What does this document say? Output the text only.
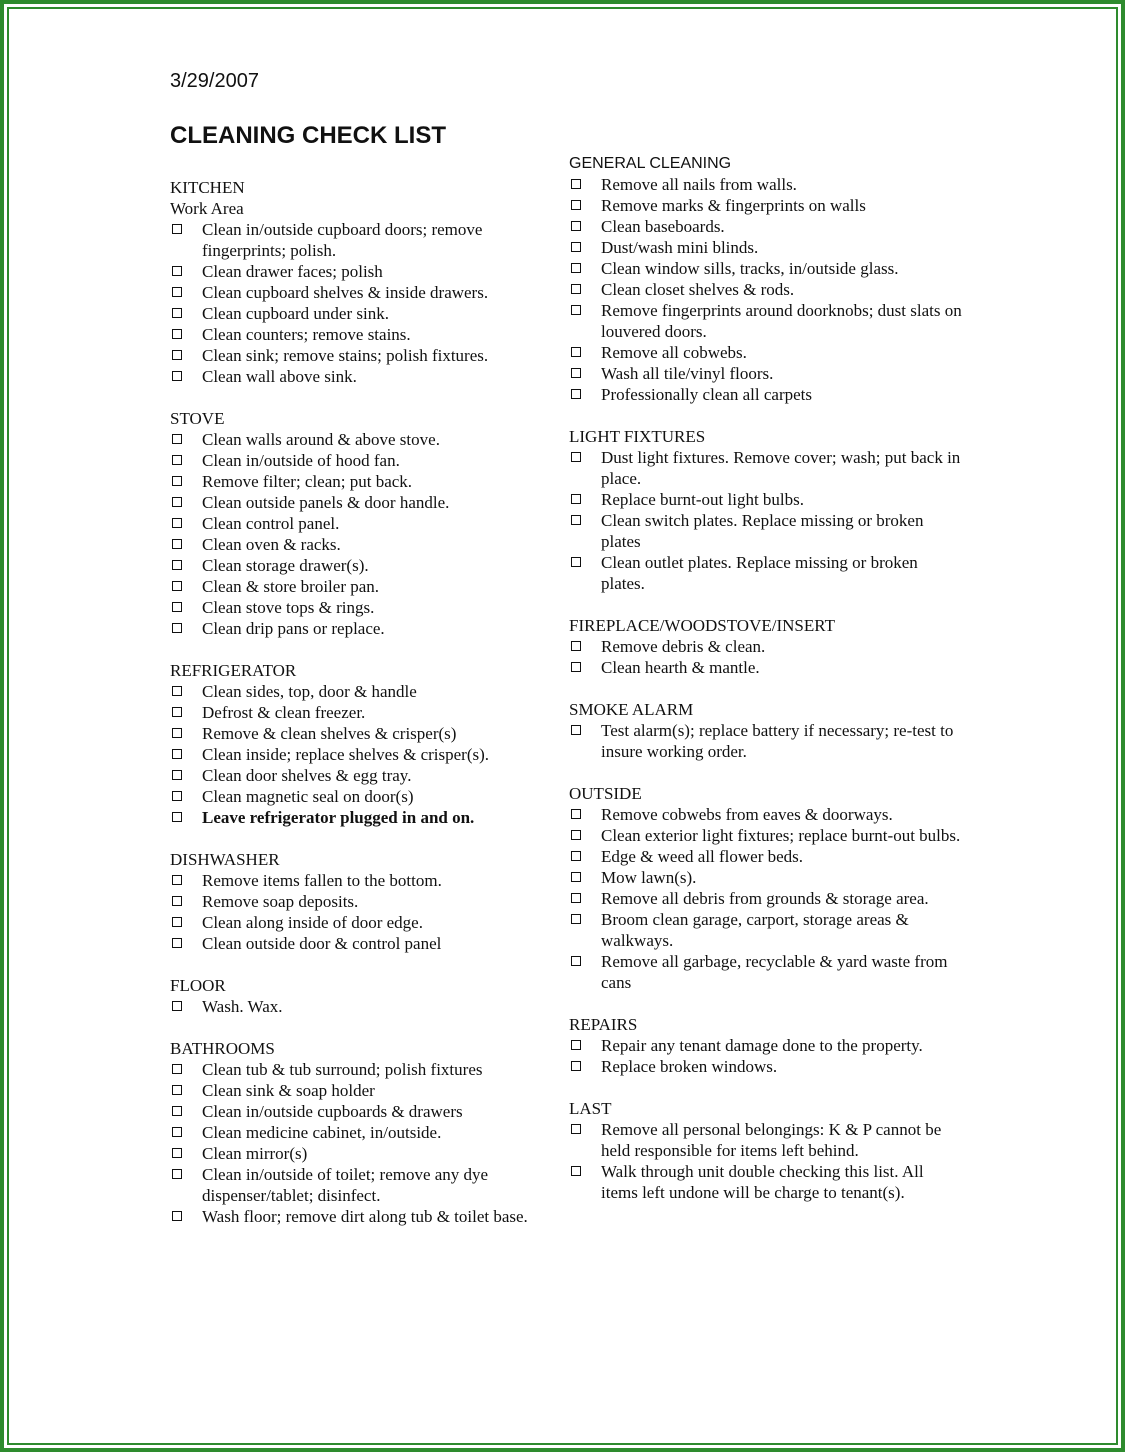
3/29/2007
CLEANING CHECK LIST
KITCHEN
Work Area
Clean in/outside cupboard doors; remove fingerprints; polish.
Clean drawer faces; polish
Clean cupboard shelves & inside drawers.
Clean cupboard under sink.
Clean counters; remove stains.
Clean sink; remove stains; polish fixtures.
Clean wall above sink.
STOVE
Clean walls around & above stove.
Clean in/outside of hood fan.
Remove filter; clean; put back.
Clean outside panels & door handle.
Clean control panel.
Clean oven & racks.
Clean storage drawer(s).
Clean & store broiler pan.
Clean stove tops & rings.
Clean drip pans or replace.
REFRIGERATOR
Clean sides, top, door & handle
Defrost & clean freezer.
Remove & clean shelves & crisper(s)
Clean inside; replace shelves & crisper(s).
Clean door shelves & egg tray.
Clean magnetic seal on door(s)
Leave refrigerator plugged in and on.
DISHWASHER
Remove items fallen to the bottom.
Remove soap deposits.
Clean along inside of door edge.
Clean outside door & control panel
FLOOR
Wash. Wax.
BATHROOMS
Clean tub & tub surround; polish fixtures
Clean sink & soap holder
Clean in/outside cupboards & drawers
Clean medicine cabinet, in/outside.
Clean mirror(s)
Clean in/outside of toilet; remove any dye dispenser/tablet; disinfect.
Wash floor; remove dirt along tub & toilet base.
GENERAL CLEANING
Remove all nails from walls.
Remove marks & fingerprints on walls
Clean baseboards.
Dust/wash mini blinds.
Clean window sills, tracks, in/outside glass.
Clean closet shelves & rods.
Remove fingerprints around doorknobs; dust slats on louvered doors.
Remove all cobwebs.
Wash all tile/vinyl floors.
Professionally clean all carpets
LIGHT FIXTURES
Dust light fixtures. Remove cover; wash; put back in place.
Replace burnt-out light bulbs.
Clean switch plates. Replace missing or broken plates
Clean outlet plates. Replace missing or broken plates.
FIREPLACE/WOODSTOVE/INSERT
Remove debris & clean.
Clean hearth & mantle.
SMOKE ALARM
Test alarm(s); replace battery if necessary; re-test to insure working order.
OUTSIDE
Remove cobwebs from eaves & doorways.
Clean exterior light fixtures; replace burnt-out bulbs.
Edge & weed all flower beds.
Mow lawn(s).
Remove all debris from grounds & storage area.
Broom clean garage, carport, storage areas & walkways.
Remove all garbage, recyclable & yard waste from cans
REPAIRS
Repair any tenant damage done to the property.
Replace broken windows.
LAST
Remove all personal belongings: K & P cannot be held responsible for items left behind.
Walk through unit double checking this list. All items left undone will be charge to tenant(s).
